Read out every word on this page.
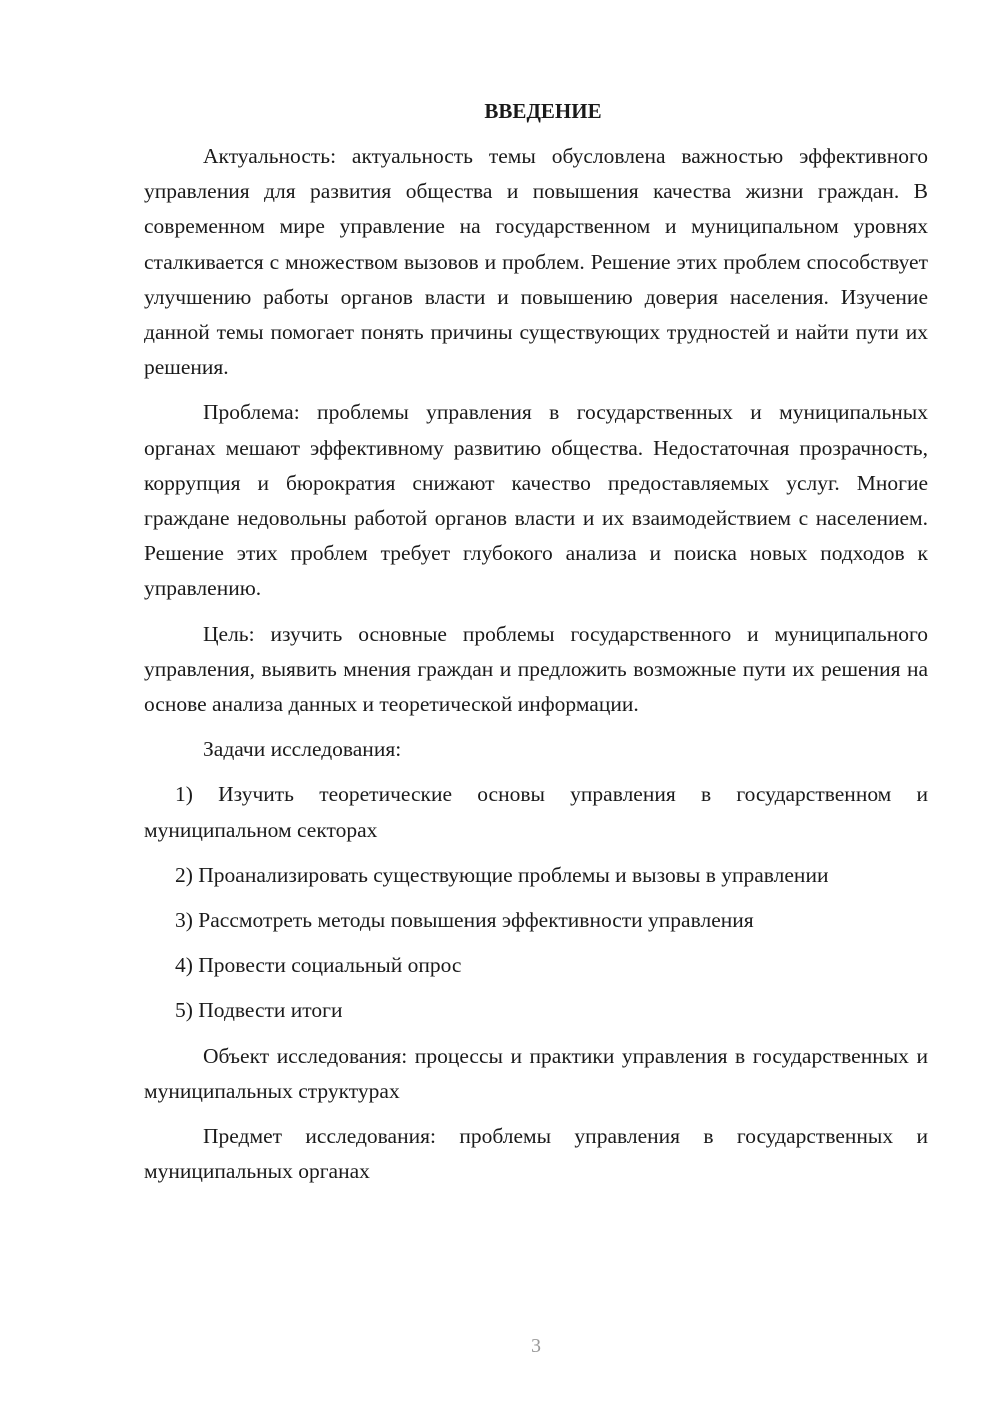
ВВЕДЕНИЕ

Актуальность: актуальность темы обусловлена важностью эффективного управления для развития общества и повышения качества жизни граждан. В современном мире управление на государственном и муниципальном уровнях сталкивается с множеством вызовов и проблем. Решение этих проблем способствует улучшению работы органов власти и повышению доверия населения. Изучение данной темы помогает понять причины существующих трудностей и найти пути их решения.

Проблема: проблемы управления в государственных и муниципальных органах мешают эффективному развитию общества. Недостаточная прозрачность, коррупция и бюрократия снижают качество предоставляемых услуг. Многие граждане недовольны работой органов власти и их взаимодействием с населением. Решение этих проблем требует глубокого анализа и поиска новых подходов к управлению.

Цель: изучить основные проблемы государственного и муниципального управления, выявить мнения граждан и предложить возможные пути их решения на основе анализа данных и теоретической информации.

Задачи исследования:

1) Изучить теоретические основы управления в государственном и муниципальном секторах

2) Проанализировать существующие проблемы и вызовы в управлении

3) Рассмотреть методы повышения эффективности управления

4) Провести социальный опрос

5) Подвести итоги

Объект исследования: процессы и практики управления в государственных и муниципальных структурах

Предмет исследования: проблемы управления в государственных и муниципальных органах

3
